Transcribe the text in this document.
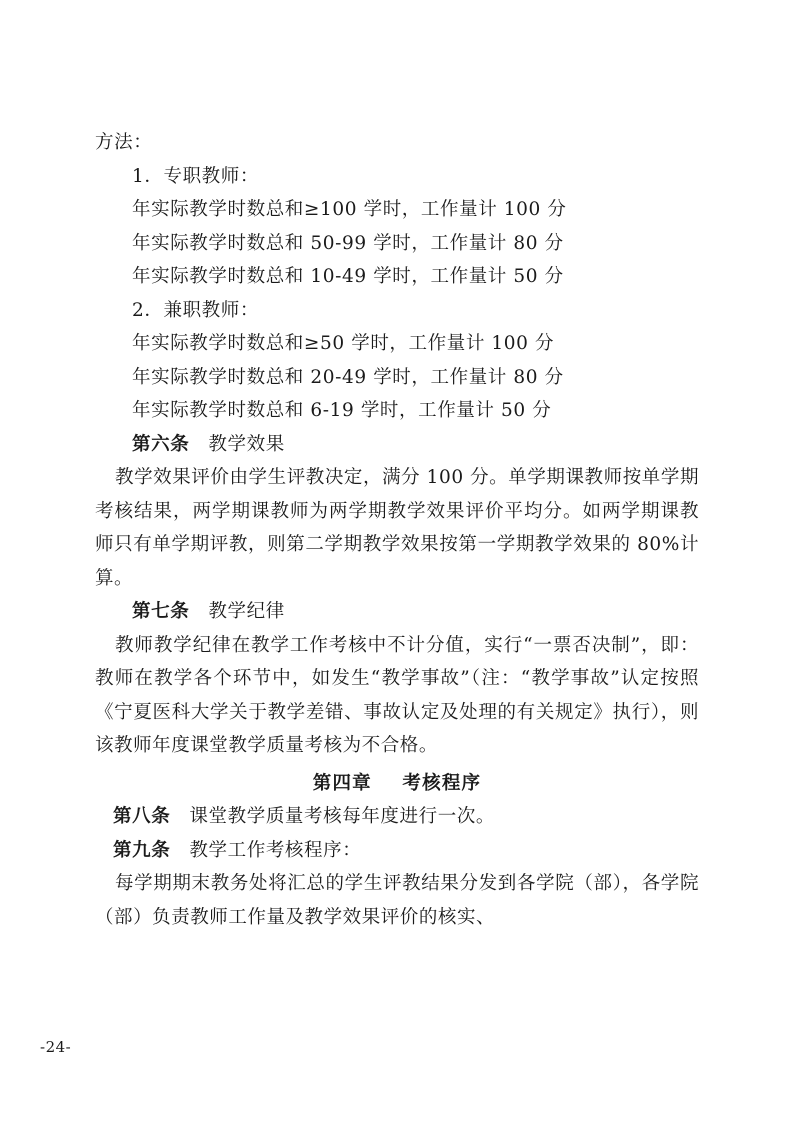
方法：
1．专职教师：
年实际教学时数总和≥100 学时，工作量计 100 分
年实际教学时数总和 50-99 学时，工作量计 80 分
年实际教学时数总和 10-49 学时，工作量计 50 分
2．兼职教师：
年实际教学时数总和≥50 学时，工作量计 100 分
年实际教学时数总和 20-49 学时，工作量计 80 分
年实际教学时数总和 6-19 学时，工作量计 50 分
第六条　 教学效果

教学效果评价由学生评教决定，满分 100 分。单学期课教师按单学期考核结果，两学期课教师为两学期教学效果评价平均分。如两学期课教师只有单学期评教，则第二学期教学效果按第一学期教学效果的 80%计算。

第七条　 教学纪律

教师教学纪律在教学工作考核中不计分值，实行“一票否决制”，即：教师在教学各个环节中，如发生“教学事故”（注：“教学事故”认定按照《宁夏医科大学关于教学差错、事故认定及处理的有关规定》执行），则该教师年度课堂教学质量考核为不合格。

第四章    考核程序
第八条　 课堂教学质量考核每年度进行一次。
第九条　 教学工作考核程序：

每学期期末教务处将汇总的学生评教结果分发到各学院（部），各学院（部）负责教师工作量及教学效果评价的核实、

-24-
